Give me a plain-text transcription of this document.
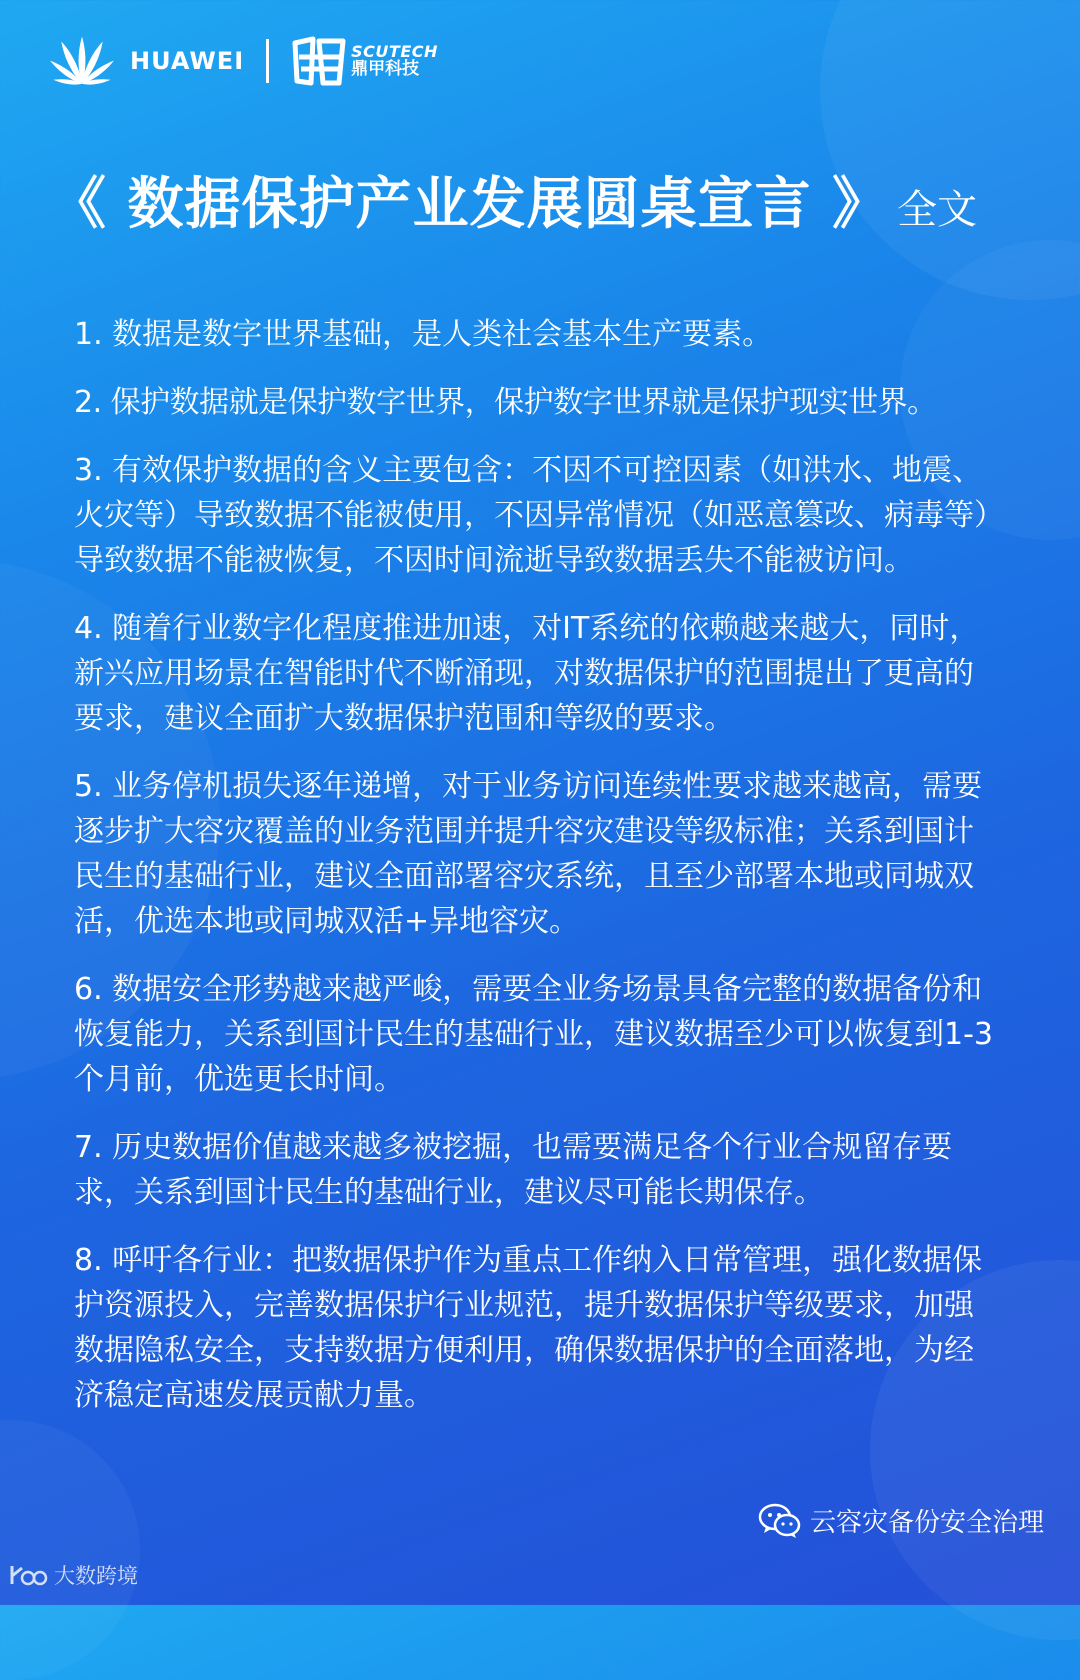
HUAWEI	SCUTECH
鼎甲科技
《 数据保护产业发展圆桌宣言 》 全文
1. 数据是数字世界基础，是人类社会基本生产要素。
2. 保护数据就是保护数字世界，保护数字世界就是保护现实世界。
3. 有效保护数据的含义主要包含：不因不可控因素（如洪水、地震、火灾等）导致数据不能被使用，不因异常情况（如恶意篡改、病毒等）导致数据不能被恢复，不因时间流逝导致数据丢失不能被访问。
4. 随着行业数字化程度推进加速，对IT系统的依赖越来越大，同时，新兴应用场景在智能时代不断涌现，对数据保护的范围提出了更高的要求，建议全面扩大数据保护范围和等级的要求。
5. 业务停机损失逐年递增，对于业务访问连续性要求越来越高，需要逐步扩大容灾覆盖的业务范围并提升容灾建设等级标准；关系到国计民生的基础行业，建议全面部署容灾系统，且至少部署本地或同城双活，优选本地或同城双活+异地容灾。
6. 数据安全形势越来越严峻，需要全业务场景具备完整的数据备份和恢复能力，关系到国计民生的基础行业，建议数据至少可以恢复到1-3个月前，优选更长时间。
7. 历史数据价值越来越多被挖掘，也需要满足各个行业合规留存要求，关系到国计民生的基础行业，建议尽可能长期保存。
8. 呼吁各行业：把数据保护作为重点工作纳入日常管理，强化数据保护资源投入，完善数据保护行业规范，提升数据保护等级要求，加强数据隐私安全，支持数据方便利用，确保数据保护的全面落地，为经济稳定高速发展贡献力量。
云容灾备份安全治理
大数跨境
